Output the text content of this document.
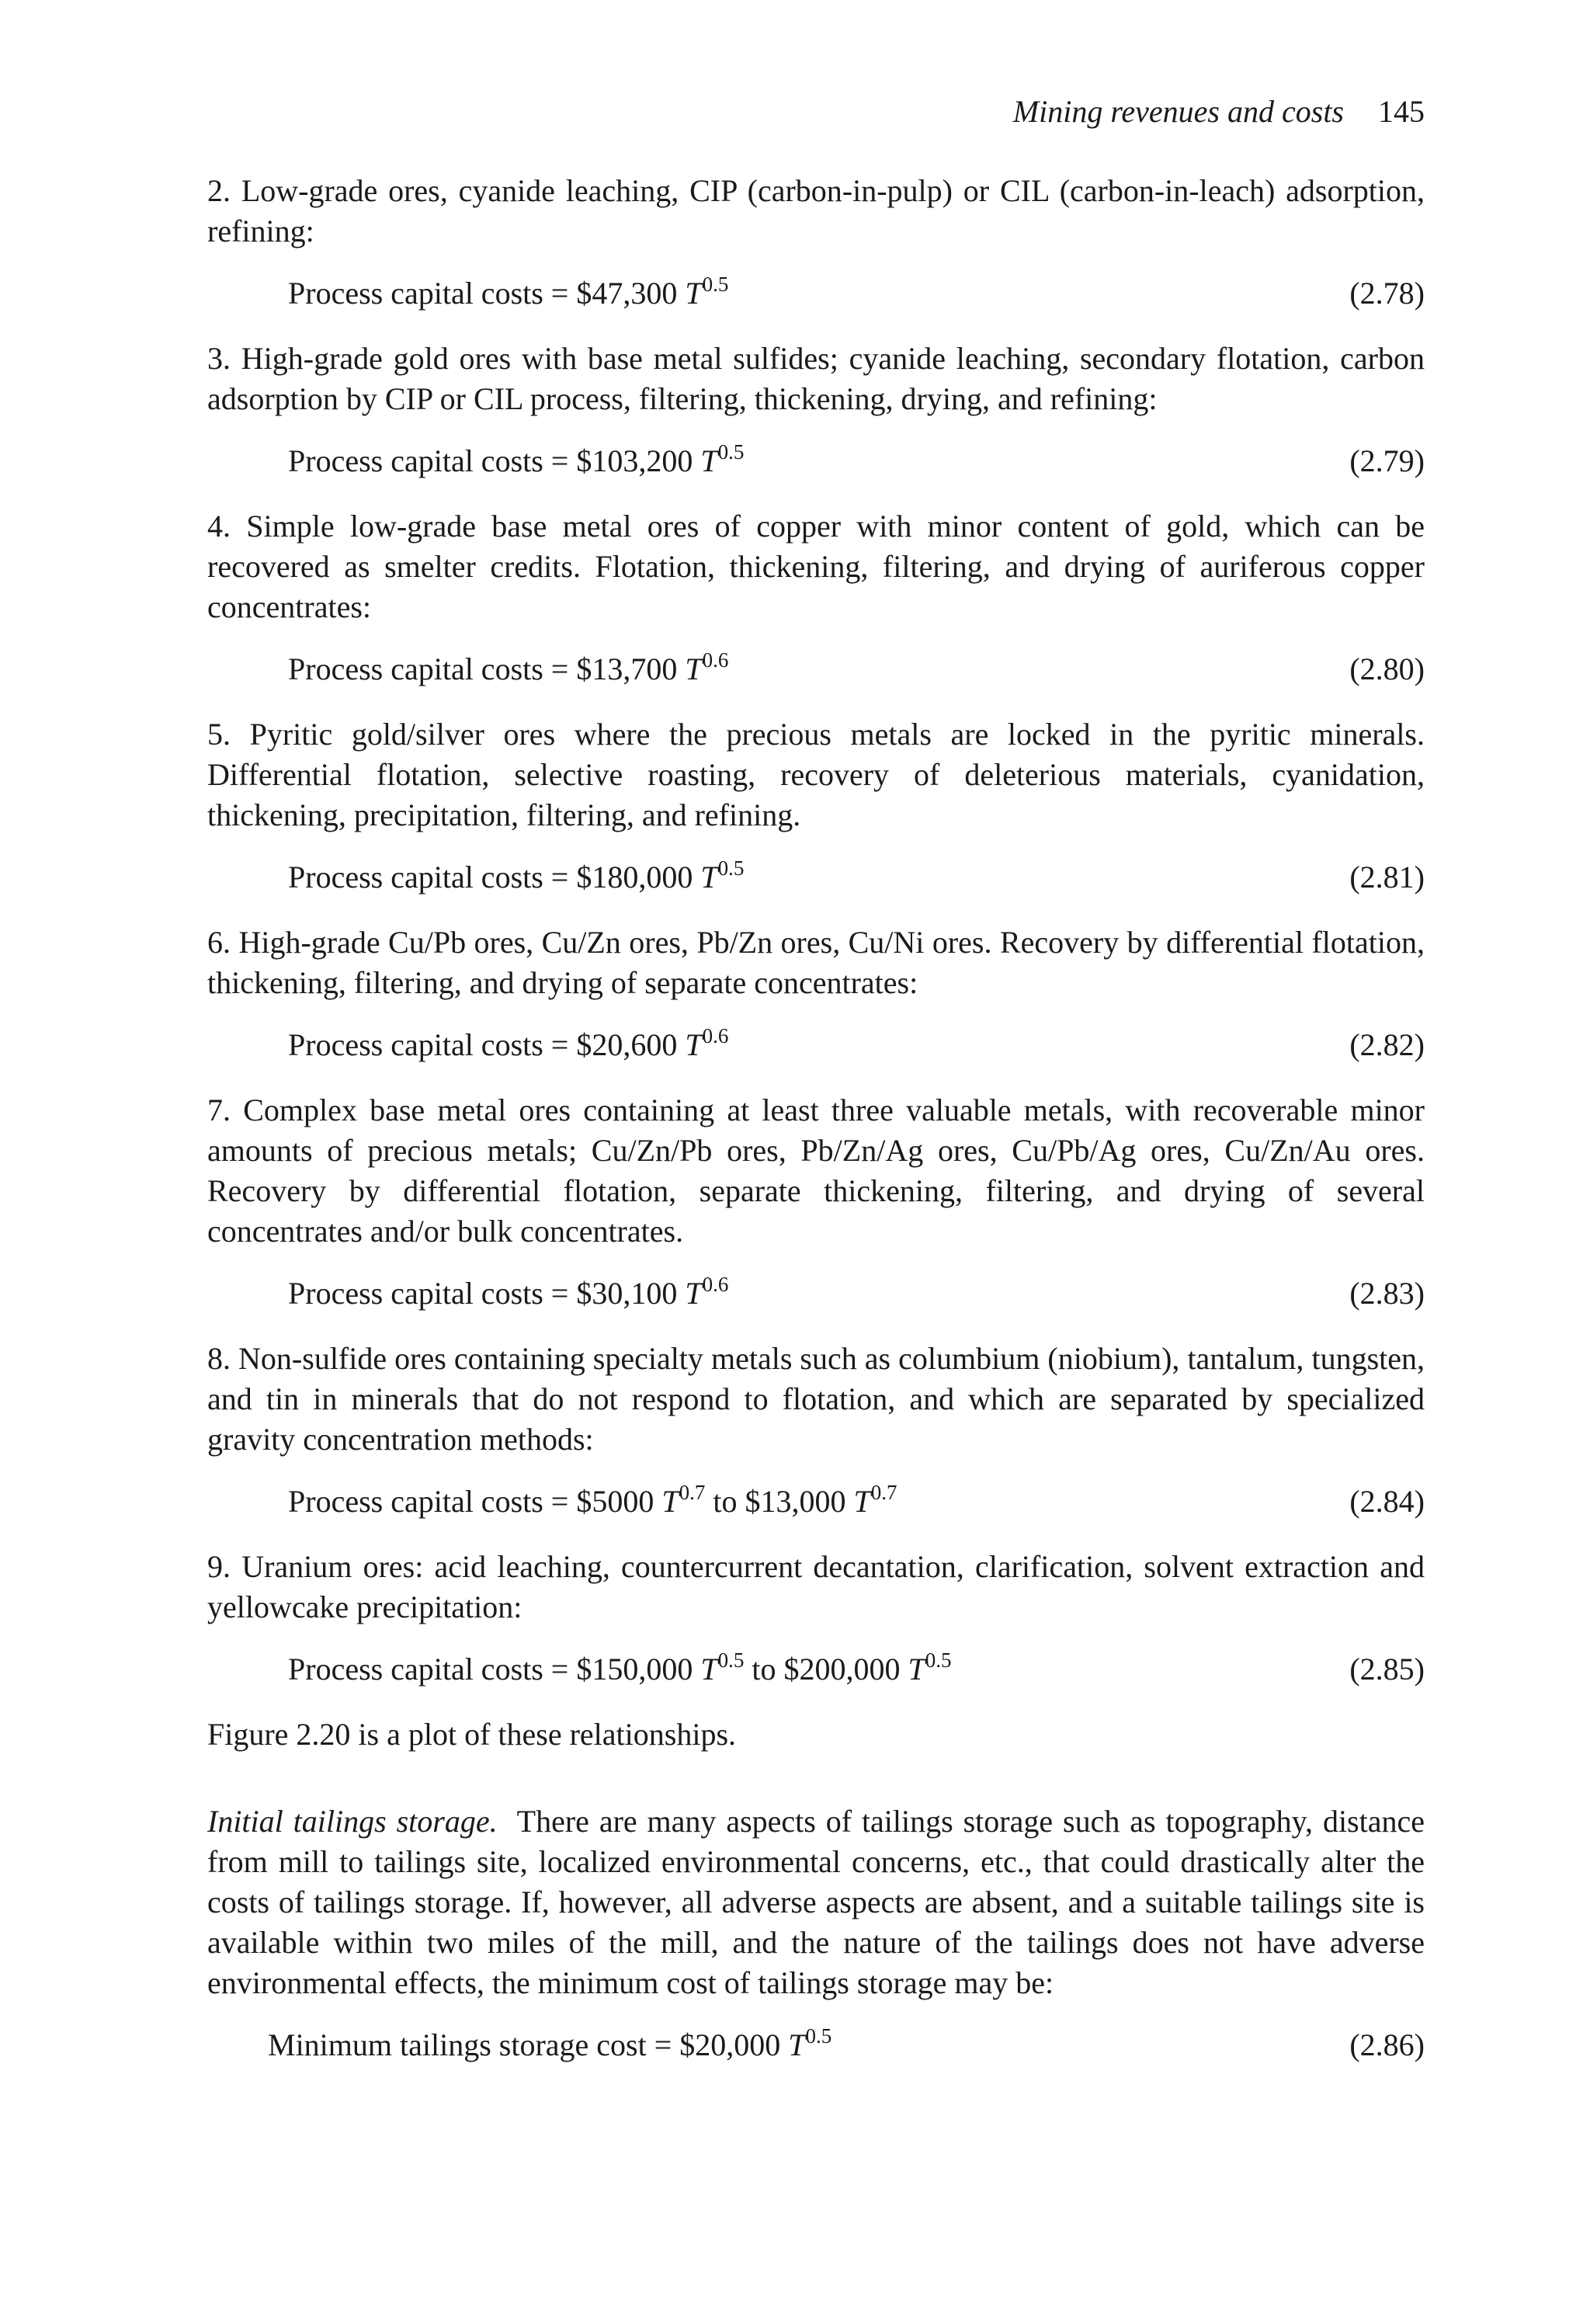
Mining revenues and costs 145

2. Low-grade ores, cyanide leaching, CIP (carbon-in-pulp) or CIL (carbon-in-leach) adsorption, refining:

Process capital costs = $47,300 $T^{0.5}$	(2.78)

3. High-grade gold ores with base metal sulfides; cyanide leaching, secondary flotation, carbon adsorption by CIP or CIL process, filtering, thickening, drying, and refining:

Process capital costs = $103,200 $T^{0.5}$	(2.79)

4. Simple low-grade base metal ores of copper with minor content of gold, which can be recovered as smelter credits. Flotation, thickening, filtering, and drying of auriferous copper concentrates:

Process capital costs = $13,700 $T^{0.6}$	(2.80)

5. Pyritic gold/silver ores where the precious metals are locked in the pyritic minerals. Differential flotation, selective roasting, recovery of deleterious materials, cyanidation, thickening, precipitation, filtering, and refining.

Process capital costs = $180,000 $T^{0.5}$	(2.81)

6. High-grade Cu/Pb ores, Cu/Zn ores, Pb/Zn ores, Cu/Ni ores. Recovery by differential flotation, thickening, filtering, and drying of separate concentrates:

Process capital costs = $20,600 $T^{0.6}$	(2.82)

7. Complex base metal ores containing at least three valuable metals, with recoverable minor amounts of precious metals; Cu/Zn/Pb ores, Pb/Zn/Ag ores, Cu/Pb/Ag ores, Cu/Zn/Au ores. Recovery by differential flotation, separate thickening, filtering, and drying of several concentrates and/or bulk concentrates.

Process capital costs = $30,100 $T^{0.6}$	(2.83)

8. Non-sulfide ores containing specialty metals such as columbium (niobium), tantalum, tungsten, and tin in minerals that do not respond to flotation, and which are separated by specialized gravity concentration methods:

Process capital costs = $5000 $T^{0.7}$ to $13,000 $T^{0.7}$	(2.84)

9. Uranium ores: acid leaching, countercurrent decantation, clarification, solvent extraction and yellowcake precipitation:

Process capital costs = $150,000 $T^{0.5}$ to $200,000 $T^{0.5}$	(2.85)

Figure 2.20 is a plot of these relationships.

Initial tailings storage. There are many aspects of tailings storage such as topography, distance from mill to tailings site, localized environmental concerns, etc., that could drastically alter the costs of tailings storage. If, however, all adverse aspects are absent, and a suitable tailings site is available within two miles of the mill, and the nature of the tailings does not have adverse environmental effects, the minimum cost of tailings storage may be:

Minimum tailings storage cost = $20,000 $T^{0.5}$	(2.86)
